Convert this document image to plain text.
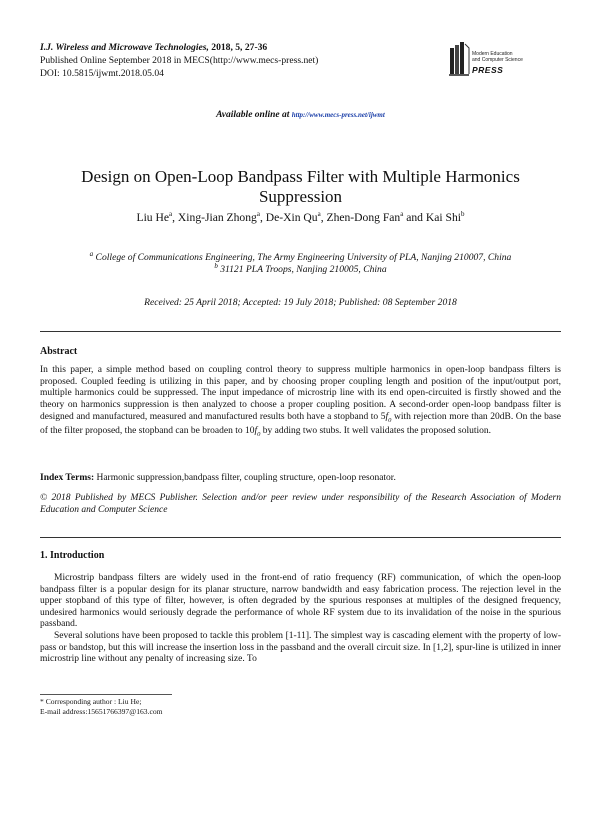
I.J. Wireless and Microwave Technologies, 2018, 5, 27-36
Published Online September 2018 in MECS(http://www.mecs-press.net)
DOI: 10.5815/ijwmt.2018.05.04
Modern Education
and Computer Science
PRESS
Available online at http://www.mecs-press.net/ijwmt
Design on Open-Loop Bandpass Filter with Multiple Harmonics Suppression
Liu He$^a$, Xing-Jian Zhong$^a$, De-Xin Qu$^a$, Zhen-Dong Fan$^a$ and Kai Shi$^b$
$^a$ College of Communications Engineering, The Army Engineering University of PLA, Nanjing 210007, China
$^b$ 31121 PLA Troops, Nanjing 210005, China
Received: 25 April 2018; Accepted: 19 July 2018; Published: 08 September 2018
Abstract
In this paper, a simple method based on coupling control theory to suppress multiple harmonics in open-loop bandpass filters is proposed. Coupled feeding is utilizing in this paper, and by choosing proper coupling length and position of the input/output port, multiple harmonics could be suppressed. The input impedance of microstrip line with its end open-circuited is firstly showed and the theory on harmonics suppression is then analyzed to choose a proper coupling position. A second-order open-loop bandpass filter is designed and manufactured, measured and manufactured results both have a stopband to $5f_0$ with rejection more than 20dB. On the base of the filter proposed, the stopband can be broaden to $10f_0$ by adding two stubs. It well validates the proposed solution.
Index Terms: Harmonic suppression,bandpass filter, coupling structure, open-loop resonator.
© 2018 Published by MECS Publisher. Selection and/or peer review under responsibility of the Research Association of Modern Education and Computer Science
1. Introduction

Microstrip bandpass filters are widely used in the front-end of ratio frequency (RF) communication, of which the open-loop bandpass filter is a popular design for its planar structure, narrow bandwidth and easy fabrication process. The rejection level in the upper stopband of this type of filter, however, is often degraded by the spurious responses at multiples of the designed frequency, undesired harmonics would seriously degrade the performance of whole RF system due to its invalidation of the noise in the spurious passband.

Several solutions have been proposed to tackle this problem [1-11]. The simplest way is cascading element with the property of low-pass or bandstop, but this will increase the insertion loss in the passband and the overall circuit size. In [1,2], spur-line is utilized in inner microstrip line without any penalty of increasing size. To

* Corresponding author : Liu He;
E-mail address:15651766397@163.com
